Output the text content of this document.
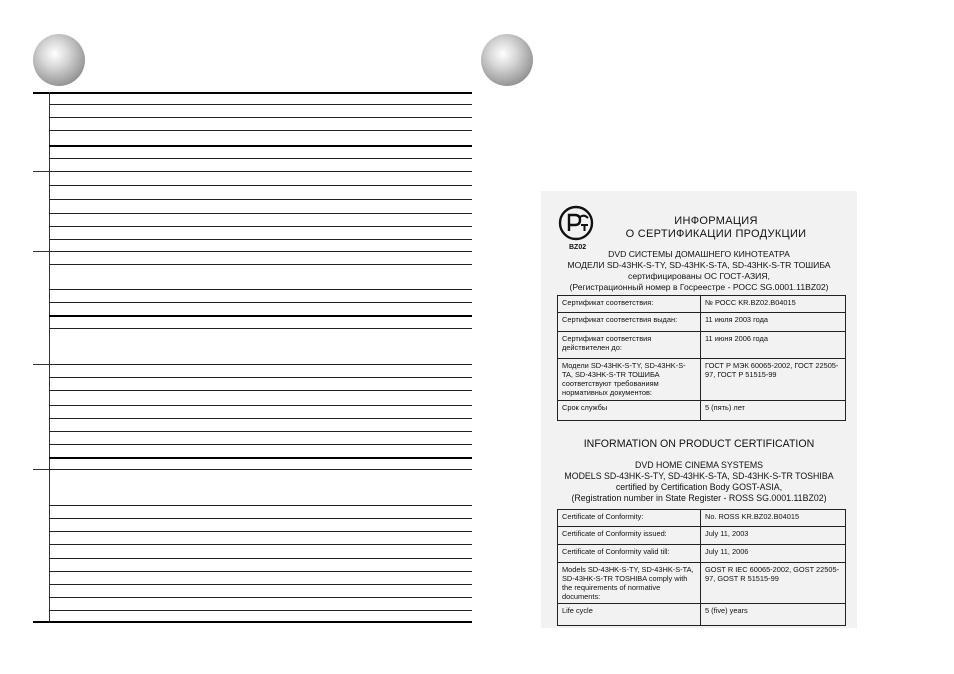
BZ02
ИНФОРМАЦИЯ
О СЕРТИФИКАЦИИ ПРОДУКЦИИ
DVD СИСТЕМЫ ДОМАШНЕГО КИНОТЕАТРА
МОДЕЛИ SD-43HK-S-TY, SD-43HK-S-TA, SD-43HK-S-TR ТОШИБА
сертифицированы ОС ГОСТ-АЗИЯ,
(Регистрационный номер в Госреестре - РОСС SG.0001.11BZ02)
Сертификат соответствия:	№ РОСС KR.BZ02.B04015
Сертификат соответствия выдан:	11 июля 2003 года
Сертификат соответствия действителен до:	11 июня 2006 года
Модели SD-43HK-S-TY, SD-43HK-S-TA, SD-43HK-S-TR ТОШИБА соответствуют требованиям нормативных документов:	ГОСТ Р МЭК 60065-2002, ГОСТ 22505-97, ГОСТ Р 51515-99
Срок службы	5 (пять) лет
INFORMATION ON PRODUCT CERTIFICATION
DVD HOME CINEMA SYSTEMS
MODELS SD-43HK-S-TY, SD-43HK-S-TA, SD-43HK-S-TR TOSHIBA
certified by Certification Body GOST-ASIA,
(Registration number in State Register - ROSS SG.0001.11BZ02)
Certificate of Conformity:	No. ROSS KR.BZ02.B04015
Certificate of Conformity issued:	July 11, 2003
Certificate of Conformity valid till:	July 11, 2006
Models SD-43HK-S-TY, SD-43HK-S-TA, SD-43HK-S-TR TOSHIBA comply with the requirements of normative documents:	GOST R IEC 60065-2002, GOST 22505-97, GOST R 51515-99
Life cycle	5 (five) years
